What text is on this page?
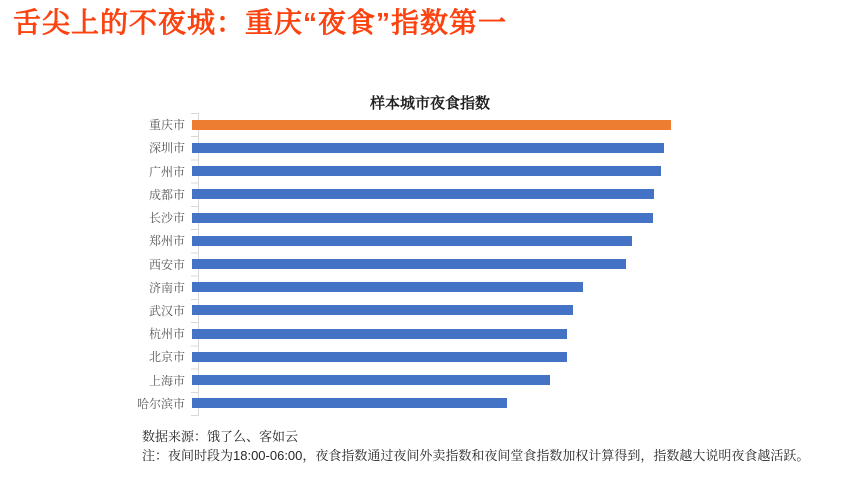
舌尖上的不夜城：重庆“夜食”指数第一
样本城市夜食指数
重庆市
深圳市
广州市
成都市
长沙市
郑州市
西安市
济南市
武汉市
杭州市
北京市
上海市
哈尔滨市
数据来源：饿了么、客如云
注：夜间时段为18:00-06:00，夜食指数通过夜间外卖指数和夜间堂食指数加权计算得到，指数越大说明夜食越活跃。
